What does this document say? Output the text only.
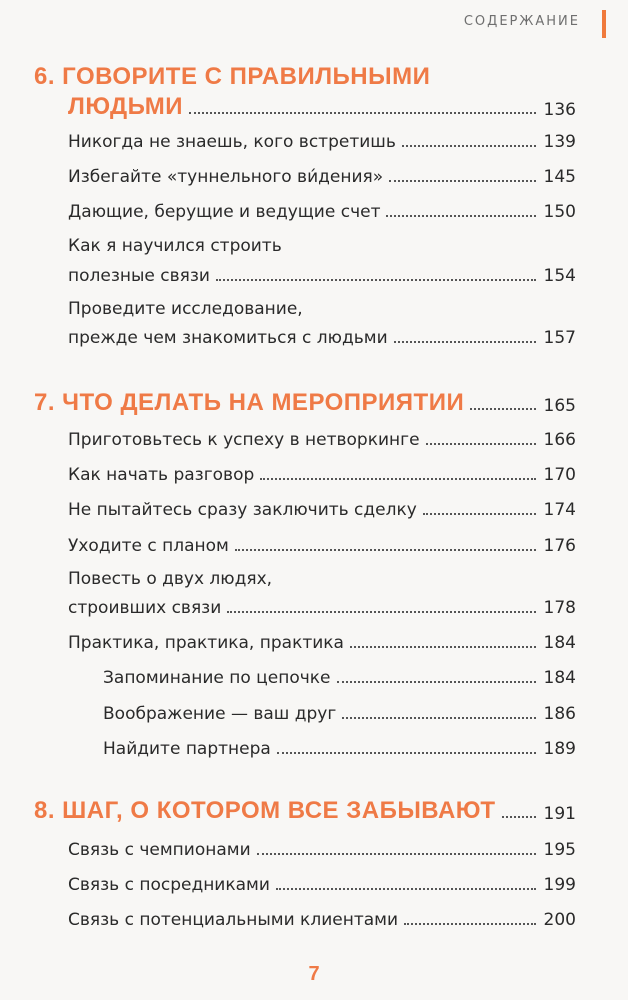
СОДЕРЖАНИЕ
6. ГОВОРИТЕ С ПРАВИЛЬНЫМИ
ЛЮДЬМИ	136
Никогда не знаешь, кого встретишь	139
Избегайте «туннельного ви́дения»	145
Дающие, берущие и ведущие счет	150
Как я научился строить
полезные связи	154
Проведите исследование,
прежде чем знакомиться с людьми	157
7. ЧТО ДЕЛАТЬ НА МЕРОПРИЯТИИ	165
Приготовьтесь к успеху в нетворкинге	166
Как начать разговор	170
Не пытайтесь сразу заключить сделку	174
Уходите с планом	176
Повесть о двух людях,
строивших связи	178
Практика, практика, практика	184
Запоминание по цепочке	184
Воображение — ваш друг	186
Найдите партнера	189
8. ШАГ, О КОТОРОМ ВСЕ ЗАБЫВАЮТ	191
Связь с чемпионами	195
Связь с посредниками	199
Связь с потенциальными клиентами	200
7
